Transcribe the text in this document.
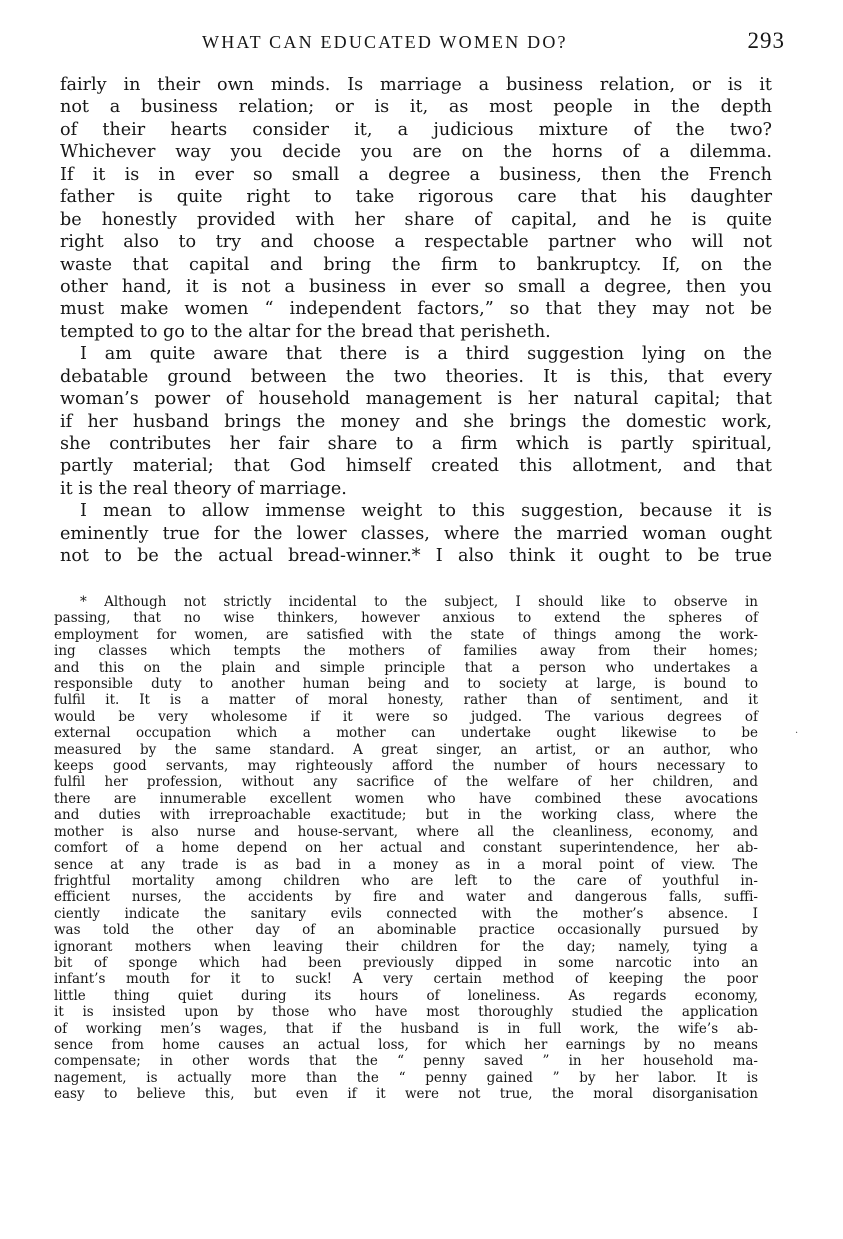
WHAT CAN EDUCATED WOMEN DO?	293
fairly in their own minds. Is marriage a business relation, or is it
not a business relation; or is it, as most people in the depth
of their hearts consider it, a judicious mixture of the two?
Whichever way you decide you are on the horns of a dilemma.
If it is in ever so small a degree a business, then the French
father is quite right to take rigorous care that his daughter
be honestly provided with her share of capital, and he is quite
right also to try and choose a respectable partner who will not
waste that capital and bring the firm to bankruptcy. If, on the
other hand, it is not a business in ever so small a degree, then you
must make women “ independent factors,” so that they may not be
tempted to go to the altar for the bread that perisheth.
I am quite aware that there is a third suggestion lying on the
debatable ground between the two theories. It is this, that every
woman’s power of household management is her natural capital; that
if her husband brings the money and she brings the domestic work,
she contributes her fair share to a firm which is partly spiritual,
partly material; that God himself created this allotment, and that
it is the real theory of marriage.
I mean to allow immense weight to this suggestion, because it is
eminently true for the lower classes, where the married woman ought
not to be the actual bread-winner.* I also think it ought to be true
* Although not strictly incidental to the subject, I should like to observe in
passing, that no wise thinkers, however anxious to extend the spheres of
employment for women, are satisfied with the state of things among the work-
ing classes which tempts the mothers of families away from their homes;
and this on the plain and simple principle that a person who undertakes a
responsible duty to another human being and to society at large, is bound to
fulfil it. It is a matter of moral honesty, rather than of sentiment, and it
would be very wholesome if it were so judged. The various degrees of
external occupation which a mother can undertake ought likewise to be
measured by the same standard. A great singer, an artist, or an author, who
keeps good servants, may righteously afford the number of hours necessary to
fulfil her profession, without any sacrifice of the welfare of her children, and
there are innumerable excellent women who have combined these avocations
and duties with irreproachable exactitude; but in the working class, where the
mother is also nurse and house-servant, where all the cleanliness, economy, and
comfort of a home depend on her actual and constant superintendence, her ab-
sence at any trade is as bad in a money as in a moral point of view. The
frightful mortality among children who are left to the care of youthful in-
efficient nurses, the accidents by fire and water and dangerous falls, suffi-
ciently indicate the sanitary evils connected with the mother’s absence. I
was told the other day of an abominable practice occasionally pursued by
ignorant mothers when leaving their children for the day; namely, tying a
bit of sponge which had been previously dipped in some narcotic into an
infant’s mouth for it to suck! A very certain method of keeping the poor
little thing quiet during its hours of loneliness. As regards economy,
it is insisted upon by those who have most thoroughly studied the application
of working men’s wages, that if the husband is in full work, the wife’s ab-
sence from home causes an actual loss, for which her earnings by no means
compensate; in other words that the “ penny saved ” in her household ma-
nagement, is actually more than the “ penny gained ” by her labor. It is
easy to believe this, but even if it were not true, the moral disorganisation
·
